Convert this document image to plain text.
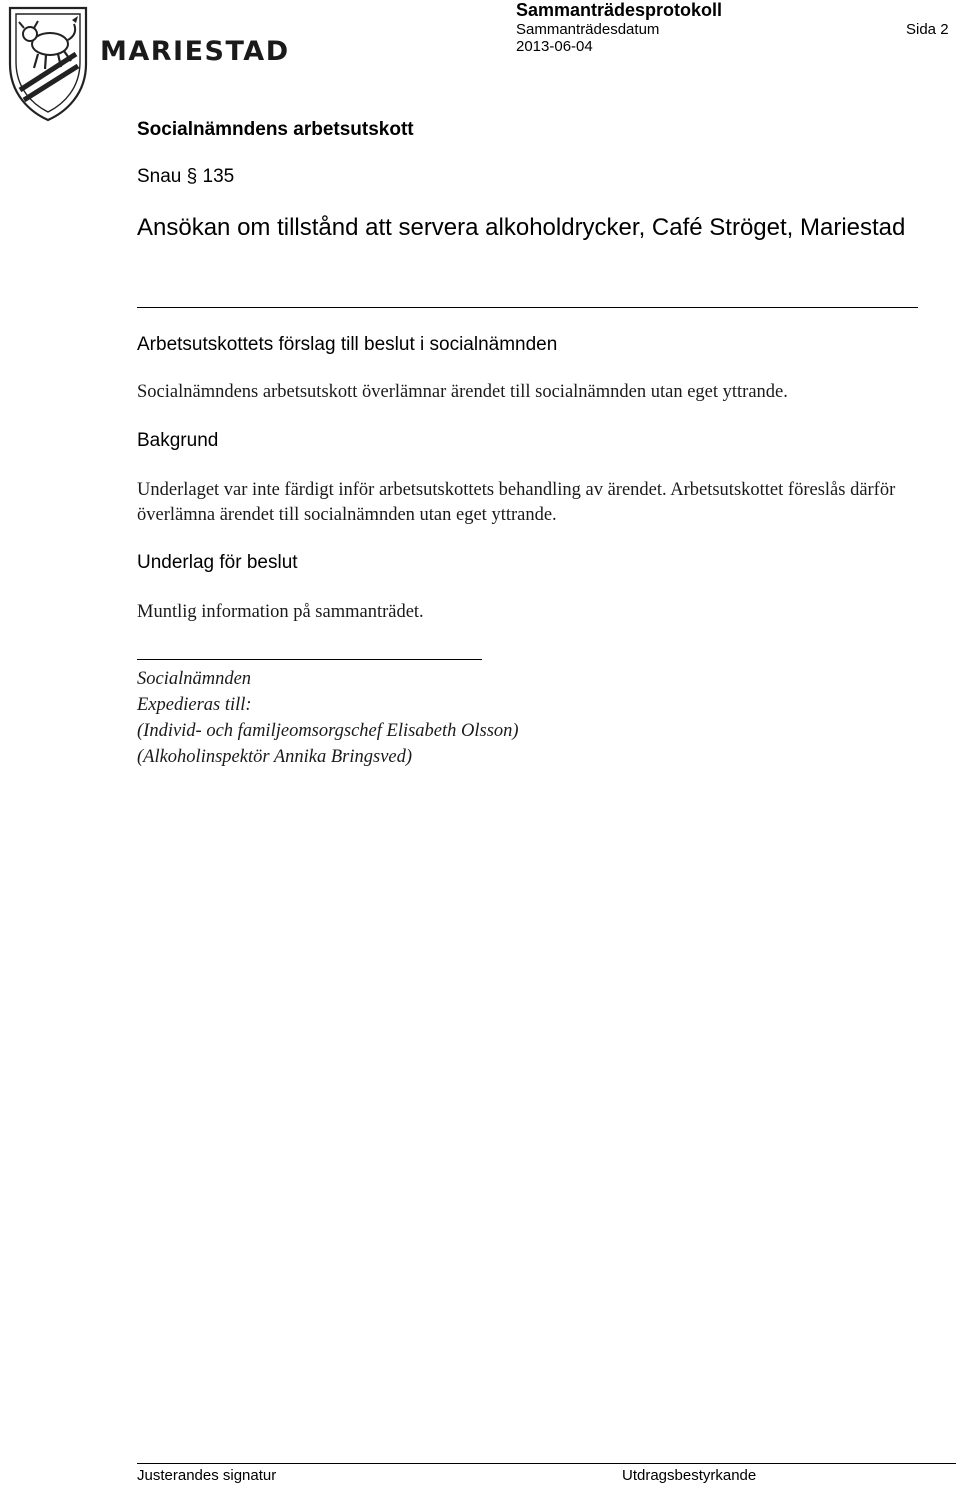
MARIESTAD
Sammanträdesprotokoll
Sammanträdesdatum
2013-06-04
Sida 2
Socialnämndens arbetsutskott
Snau § 135
Ansökan om tillstånd att servera alkoholdrycker, Café Ströget, Mariestad
Arbetsutskottets förslag till beslut i socialnämnden
Socialnämndens arbetsutskott överlämnar ärendet till socialnämnden utan eget yttrande.
Bakgrund
Underlaget var inte färdigt inför arbetsutskottets behandling av ärendet. Arbetsutskottet föreslås därför överlämna ärendet till socialnämnden utan eget yttrande.
Underlag för beslut
Muntlig information på sammanträdet.
Socialnämnden
Expedieras till:
(Individ- och familjeomsorgschef Elisabeth Olsson)
(Alkoholinspektör Annika Bringsved)
Justerandes signatur	Utdragsbestyrkande
